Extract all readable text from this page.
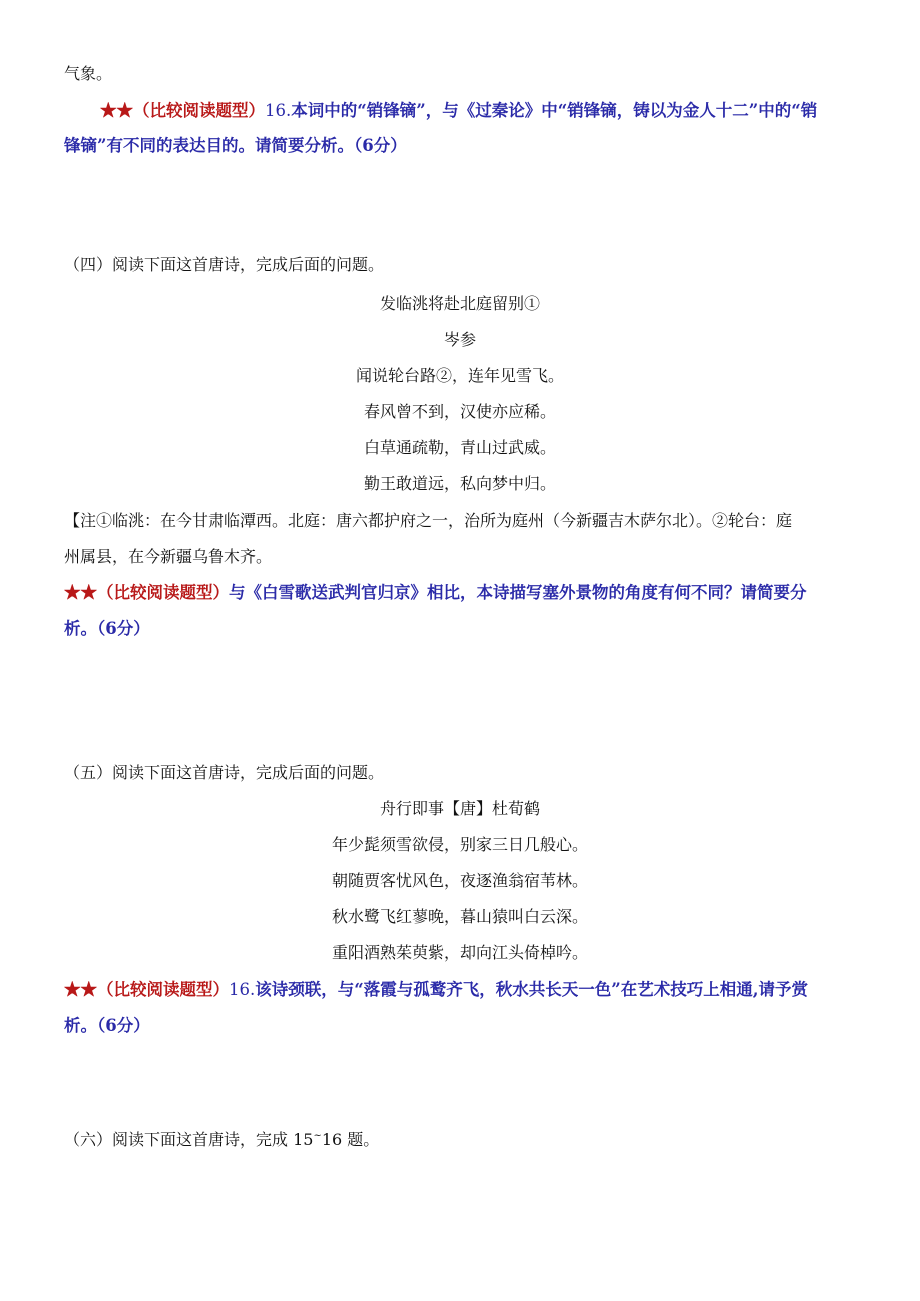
气象。
★★（比较阅读题型）16.本词中的“销锋镝”，与《过秦论》中“销锋镝，铸以为金人十二”中的“销
锋镝”有不同的表达目的。请简要分析。（6分）
（四）阅读下面这首唐诗，完成后面的问题。
发临洮将赴北庭留别①
岑参
闻说轮台路②，连年见雪飞。
春风曾不到，汉使亦应稀。
白草通疏勒，青山过武威。
勤王敢道远，私向梦中归。
【注①临洮：在今甘肃临潭西。北庭：唐六都护府之一，治所为庭州（今新疆吉木萨尔北）。②轮台：庭
州属县，在今新疆乌鲁木齐。
★★（比较阅读题型）与《白雪歌送武判官归京》相比，本诗描写塞外景物的角度有何不同？请简要分
析。（6分）
（五）阅读下面这首唐诗，完成后面的问题。
舟行即事【唐】杜荀鹤
年少髭须雪欲侵，别家三日几般心。
朝随贾客忧风色，夜逐渔翁宿苇林。
秋水鹭飞红蓼晚，暮山猿叫白云深。
重阳酒熟茱萸紫，却向江头倚棹吟。
★★（比较阅读题型）16.该诗颈联，与“落霞与孤鹜齐飞，秋水共长天一色”在艺术技巧上相通,请予赏
析。（6分）
（六）阅读下面这首唐诗，完成 15~16 题。
